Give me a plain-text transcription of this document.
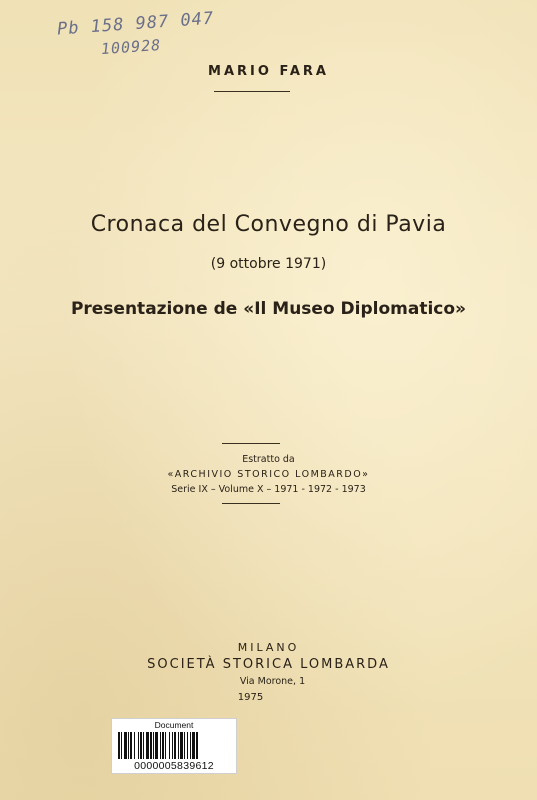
Pb 158 987 047
100928
MARIO FARA
Cronaca del Convegno di Pavia
(9 ottobre 1971)
Presentazione de «Il Museo Diplomatico»
Estratto da
«ARCHIVIO STORICO LOMBARDO»
Serie IX – Volume X – 1971 - 1972 - 1973
MILANO
SOCIETÀ STORICA LOMBARDA
Via Morone, 1
1975
Document
0000005839612
